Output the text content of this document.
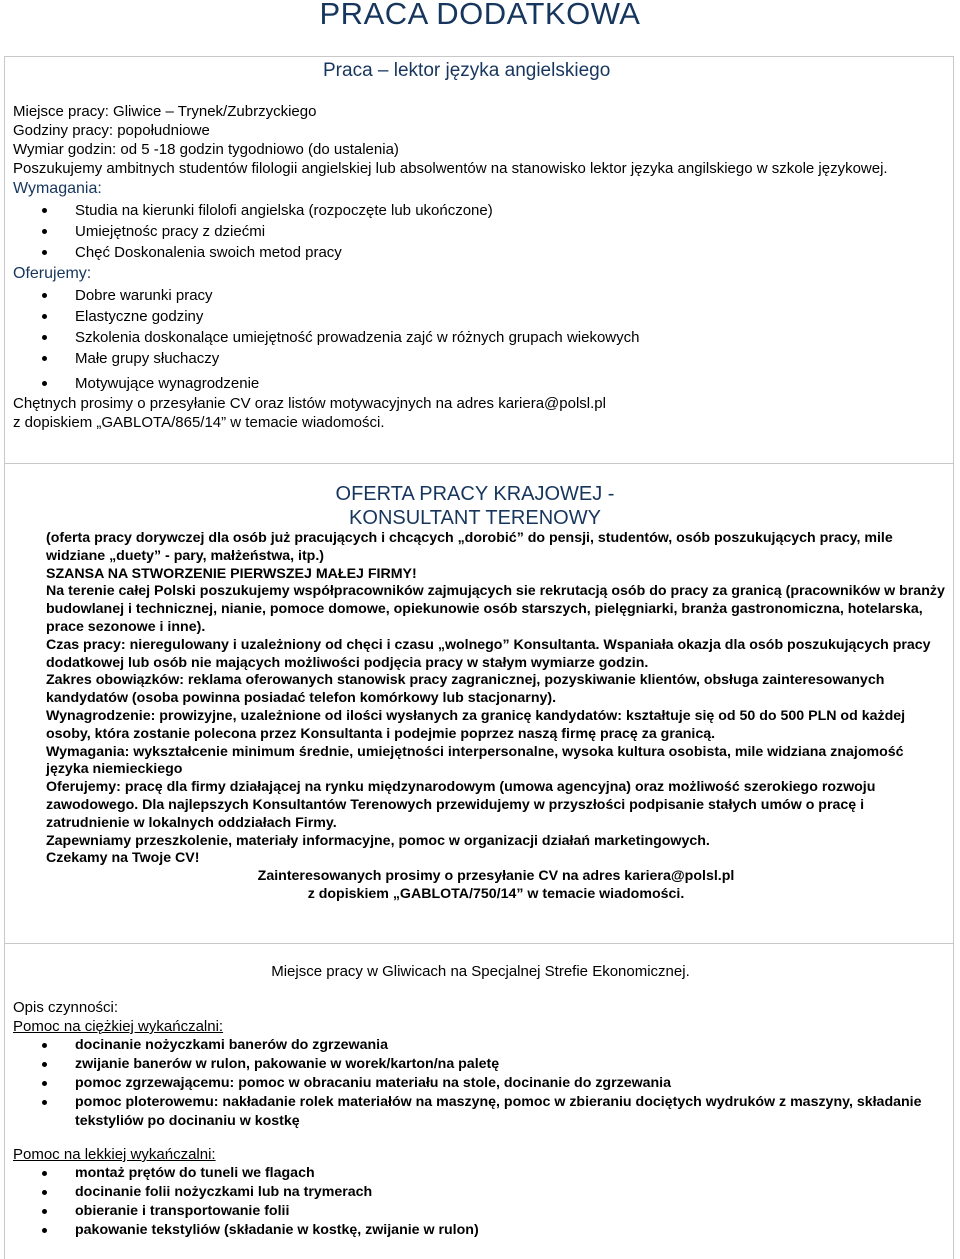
PRACA DODATKOWA
Praca – lektor języka angielskiego
Miejsce pracy: Gliwice – Trynek/Zubrzyckiego
Godziny pracy: popołudniowe
Wymiar godzin: od 5 -18 godzin tygodniowo (do ustalenia)
Poszukujemy ambitnych studentów filologii angielskiej lub absolwentów na stanowisko lektor języka angilskiego w szkole językowej.
Wymagania:
Studia na kierunki filolofi angielska (rozpoczęte lub ukończone)
Umiejętnośc pracy z dziećmi
Chęć Doskonalenia swoich metod pracy
Oferujemy:
Dobre warunki pracy
Elastyczne godziny
Szkolenia doskonalące umiejętność prowadzenia zajć w różnych grupach wiekowych
Małe grupy słuchaczy
Motywujące wynagrodzenie
Chętnych prosimy o przesyłanie CV oraz listów motywacyjnych na adres kariera@polsl.pl
z dopiskiem „GABLOTA/865/14” w temacie wiadomości.
OFERTA PRACY KRAJOWEJ -
KONSULTANT TERENOWY
(oferta pracy dorywczej dla osób już pracujących i chcących „dorobić” do pensji, studentów, osób poszukujących pracy, mile widziane „duety” - pary, małżeństwa, itp.)
SZANSA NA STWORZENIE PIERWSZEJ MAŁEJ FIRMY!
Na terenie całej Polski poszukujemy współpracowników zajmujących sie rekrutacją osób do pracy za granicą (pracowników w branży budowlanej i technicznej, nianie, pomoce domowe, opiekunowie osób starszych, pielęgniarki, branża gastronomiczna, hotelarska, prace sezonowe i inne).
Czas pracy: nieregulowany i uzależniony od chęci i czasu „wolnego” Konsultanta. Wspaniała okazja dla osób poszukujących pracy dodatkowej lub osób nie mających możliwości podjęcia pracy w stałym wymiarze godzin.
Zakres obowiązków: reklama oferowanych stanowisk pracy zagranicznej, pozyskiwanie klientów, obsługa zainteresowanych kandydatów (osoba powinna posiadać telefon komórkowy lub stacjonarny).
Wynagrodzenie: prowizyjne, uzależnione od ilości wysłanych za granicę kandydatów: kształtuje się od 50 do 500 PLN od każdej osoby, która zostanie polecona przez Konsultanta i podejmie poprzez naszą firmę pracę za granicą.
Wymagania: wykształcenie minimum średnie, umiejętności interpersonalne, wysoka kultura osobista, mile widziana znajomość języka niemieckiego
Oferujemy: pracę dla firmy działającej na rynku międzynarodowym (umowa agencyjna) oraz możliwość szerokiego rozwoju zawodowego. Dla najlepszych Konsultantów Terenowych przewidujemy w przyszłości podpisanie stałych umów o pracę i zatrudnienie w lokalnych oddziałach Firmy.
Zapewniamy przeszkolenie, materiały informacyjne, pomoc w organizacji działań marketingowych.
Czekamy na Twoje CV!
Zainteresowanych prosimy o przesyłanie CV na adres kariera@polsl.pl
z dopiskiem „GABLOTA/750/14” w temacie wiadomości.
Miejsce pracy w Gliwicach na Specjalnej Strefie Ekonomicznej.
Opis czynności:
Pomoc na ciężkiej wykańczalni:
docinanie nożyczkami banerów do zgrzewania
zwijanie banerów w rulon, pakowanie w worek/karton/na paletę
pomoc zgrzewającemu: pomoc w obracaniu materiału na stole, docinanie do zgrzewania
pomoc ploterowemu: nakładanie rolek materiałów na maszynę, pomoc w zbieraniu dociętych wydruków z maszyny, składanie tekstyliów po docinaniu w kostkę
Pomoc na lekkiej wykańczalni:
montaż prętów do tuneli we flagach
docinanie folii nożyczkami lub na trymerach
obieranie i transportowanie folii
pakowanie tekstyliów (składanie w kostkę, zwijanie w rulon)
